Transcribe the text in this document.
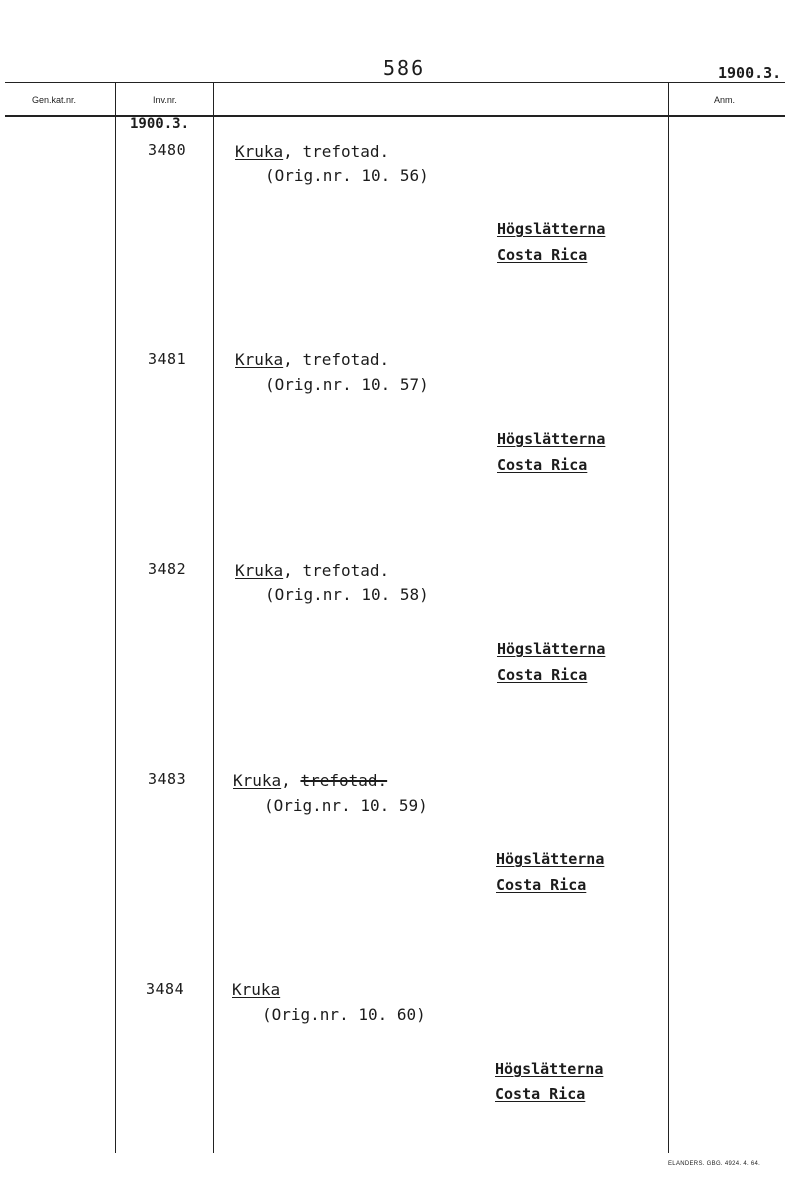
586	1900.3.
Gen.kat.nr.	Inv.nr.	Anm.
1900.3.
3480	Kruka, trefotad.
(Orig.nr. 10. 56)
Högslätterna
Costa Rica
3481	Kruka, trefotad.
(Orig.nr. 10. 57)
Högslätterna
Costa Rica
3482	Kruka, trefotad.
(Orig.nr. 10. 58)
Högslätterna
Costa Rica
3483	Kruka, trefotad.
(Orig.nr. 10. 59)
Högslätterna
Costa Rica
3484	Kruka
(Orig.nr. 10. 60)
Högslätterna
Costa Rica
ELANDERS. GBG. 4924. 4. 64.
